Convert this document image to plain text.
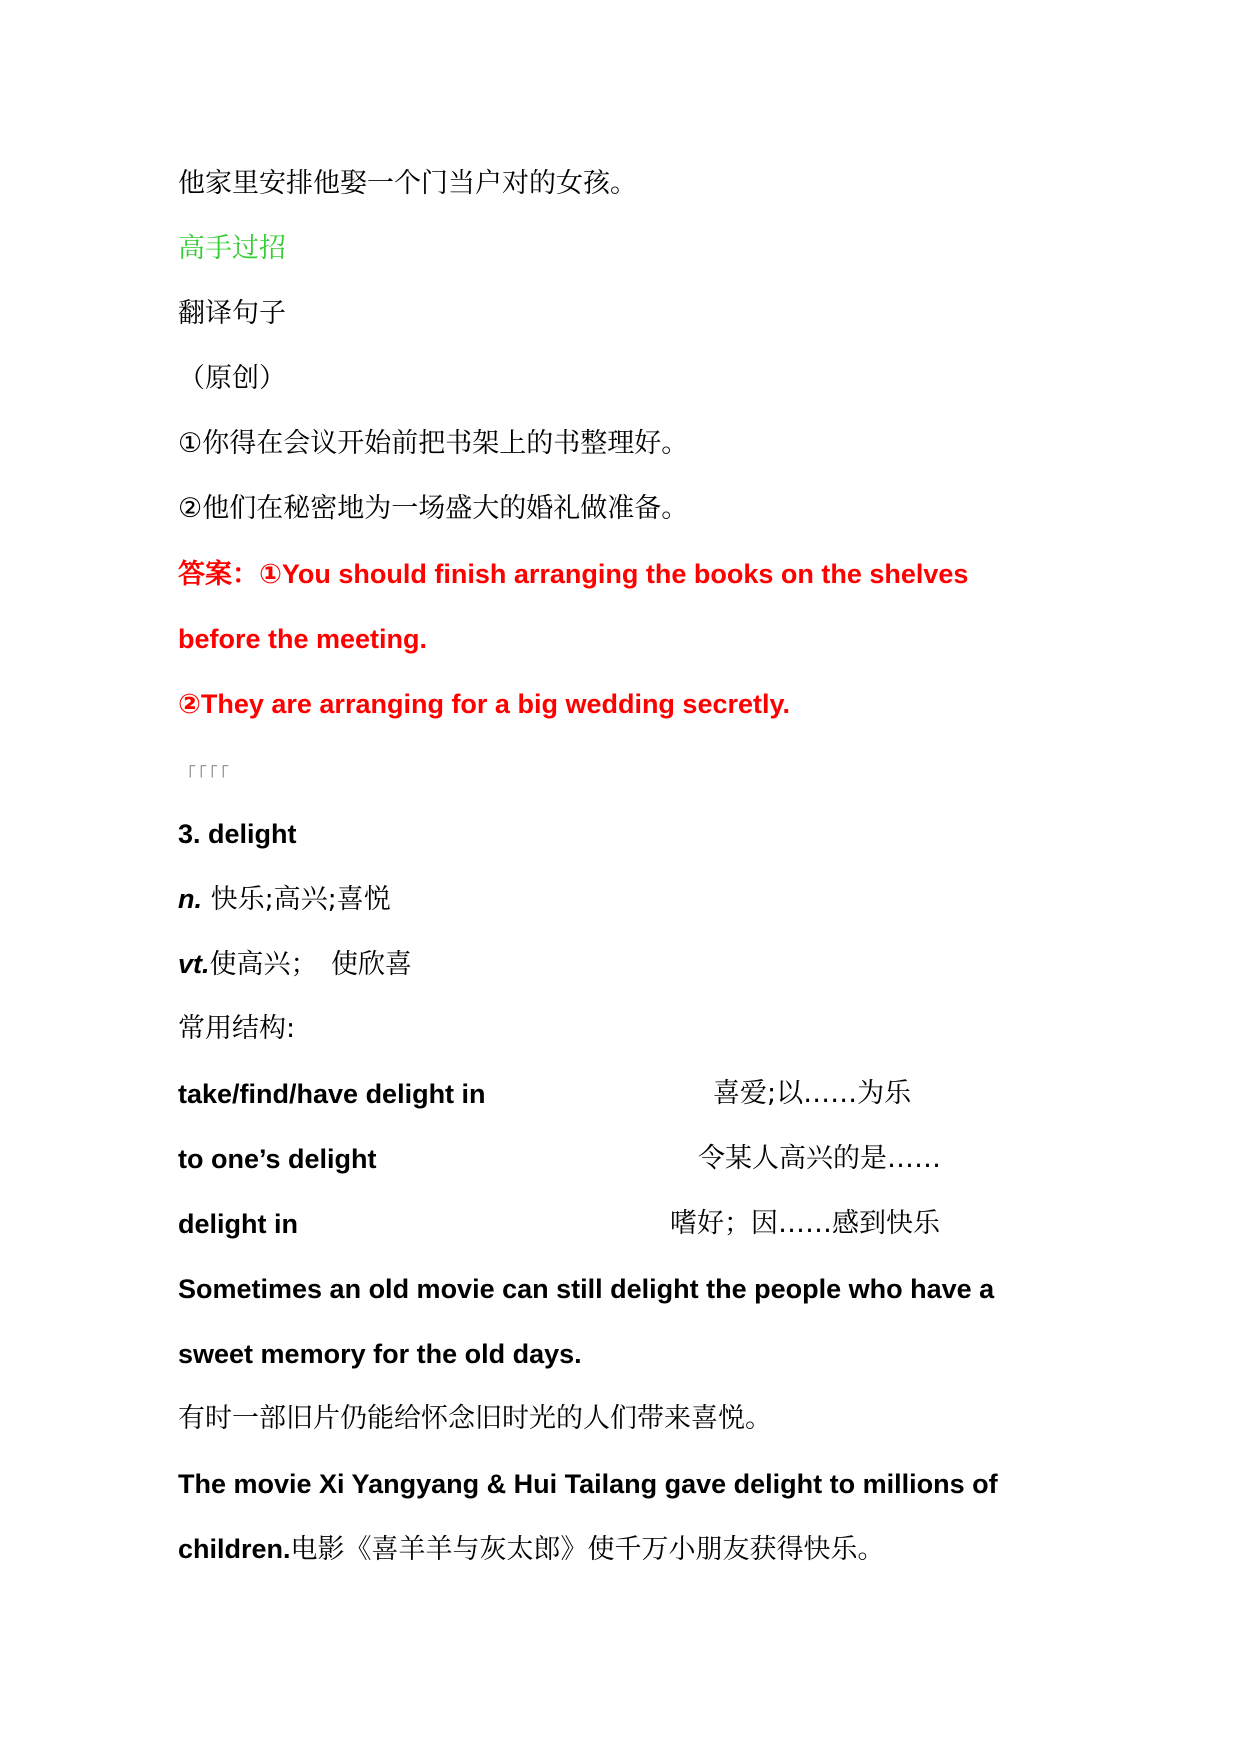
他家里安排他娶一个门当户对的女孩。
高手过招
翻译句子
（原创）
①你得在会议开始前把书架上的书整理好。
②他们在秘密地为一场盛大的婚礼做准备。
答案：①You should finish arranging the books on the shelves
before the meeting.
②They are arranging for a big wedding secretly.
「「「「
3. delight
n. 快乐;高兴;喜悦
vt.使高兴；　使欣喜
常用结构:
take/find/have delight in	喜爱;以……为乐
to one’s delight	令某人高兴的是……
delight in	嗜好；因……感到快乐
Sometimes an old movie can still delight the people who have a
sweet memory for the old days.
有时一部旧片仍能给怀念旧时光的人们带来喜悦。
The movie Xi Yangyang & Hui Tailang gave delight to millions of
children.电影《喜羊羊与灰太郎》使千万小朋友获得快乐。
